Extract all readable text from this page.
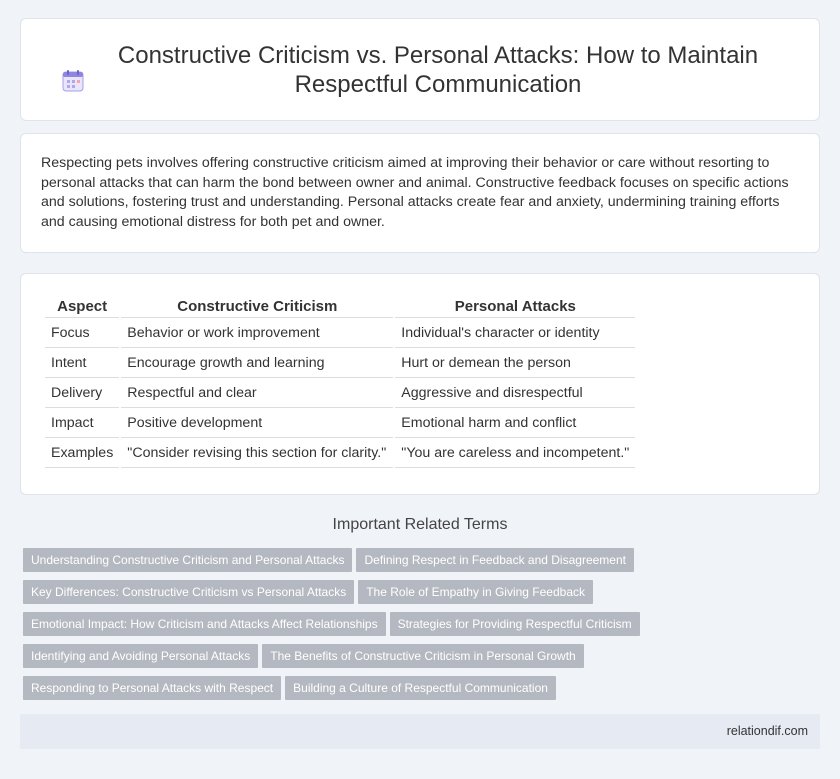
Constructive Criticism vs. Personal Attacks: How to Maintain Respectful Communication

Respecting pets involves offering constructive criticism aimed at improving their behavior or care without resorting to personal attacks that can harm the bond between owner and animal. Constructive feedback focuses on specific actions and solutions, fostering trust and understanding. Personal attacks create fear and anxiety, undermining training efforts and causing emotional distress for both pet and owner.

Aspect	Constructive Criticism	Personal Attacks
Focus	Behavior or work improvement	Individual's character or identity
Intent	Encourage growth and learning	Hurt or demean the person
Delivery	Respectful and clear	Aggressive and disrespectful
Impact	Positive development	Emotional harm and conflict
Examples	"Consider revising this section for clarity."	"You are careless and incompetent."
Important Related Terms
Understanding Constructive Criticism and Personal Attacks Defining Respect in Feedback and Disagreement
Key Differences: Constructive Criticism vs Personal Attacks The Role of Empathy in Giving Feedback
Emotional Impact: How Criticism and Attacks Affect Relationships Strategies for Providing Respectful Criticism
Identifying and Avoiding Personal Attacks The Benefits of Constructive Criticism in Personal Growth
Responding to Personal Attacks with Respect Building a Culture of Respectful Communication
relationdif.com
